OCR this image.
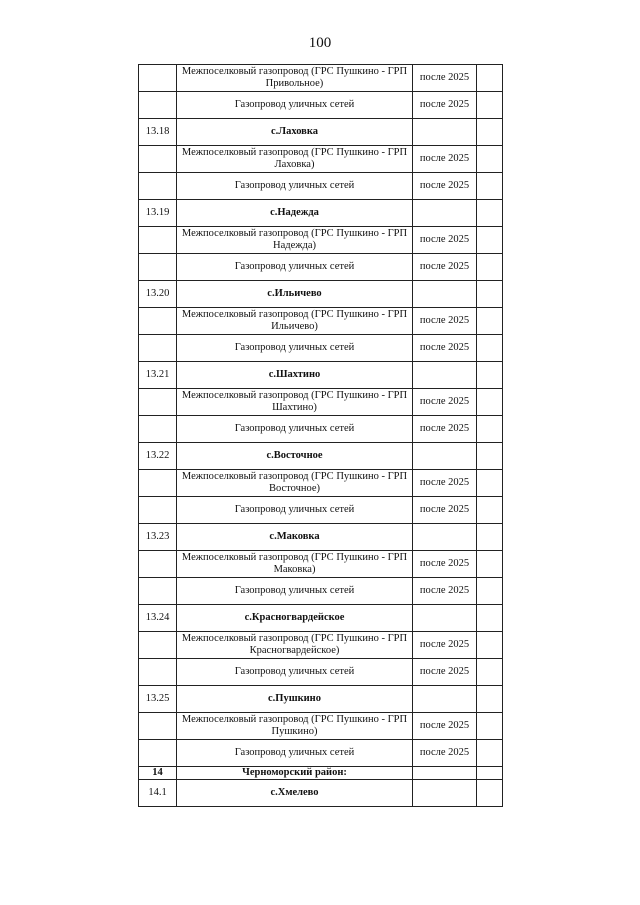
100
	Межпоселковый газопровод (ГРС Пушкино - ГРП Привольное)	после 2025	
	Газопровод уличных сетей	после 2025	
13.18	с.Лаховка		
	Межпоселковый газопровод (ГРС Пушкино - ГРП Лаховка)	после 2025	
	Газопровод уличных сетей	после 2025	
13.19	с.Надежда		
	Межпоселковый газопровод (ГРС Пушкино - ГРП Надежда)	после 2025	
	Газопровод уличных сетей	после 2025	
13.20	с.Ильичево		
	Межпоселковый газопровод (ГРС Пушкино - ГРП Ильичево)	после 2025	
	Газопровод уличных сетей	после 2025	
13.21	с.Шахтино		
	Межпоселковый газопровод (ГРС Пушкино - ГРП Шахтино)	после 2025	
	Газопровод уличных сетей	после 2025	
13.22	с.Восточное		
	Межпоселковый газопровод (ГРС Пушкино - ГРП Восточное)	после 2025	
	Газопровод уличных сетей	после 2025	
13.23	с.Маковка		
	Межпоселковый газопровод (ГРС Пушкино - ГРП Маковка)	после 2025	
	Газопровод уличных сетей	после 2025	
13.24	с.Красногвардейское		
	Межпоселковый газопровод (ГРС Пушкино - ГРП Красногвардейское)	после 2025	
	Газопровод уличных сетей	после 2025	
13.25	с.Пушкино		
	Межпоселковый газопровод (ГРС Пушкино - ГРП Пушкино)	после 2025	
	Газопровод уличных сетей	после 2025	
14	Черноморский район:		
14.1	с.Хмелево		
